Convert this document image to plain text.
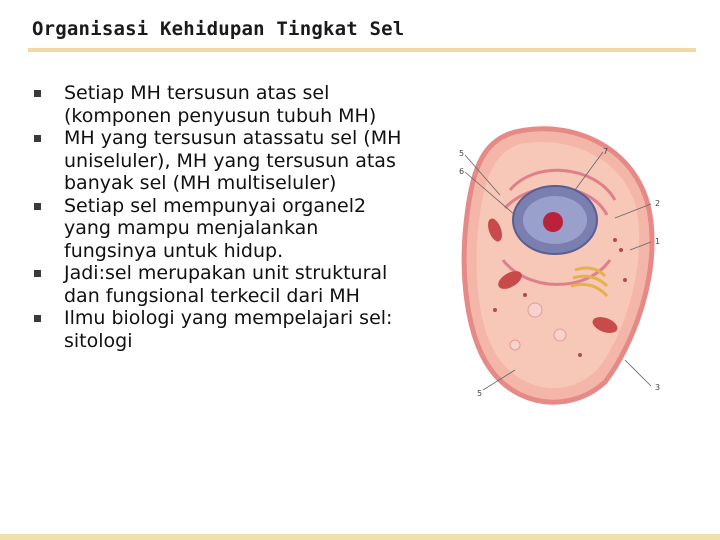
Organisasi Kehidupan Tingkat Sel
Setiap MH tersusun atas sel (komponen penyusun tubuh MH)
MH yang tersusun atassatu sel (MH uniseluler), MH yang tersusun atas banyak sel (MH multiseluler)
Setiap sel mempunyai organel2 yang mampu menjalankan fungsinya untuk hidup.
Jadi:sel merupakan unit struktural dan fungsional terkecil dari MH
Ilmu biologi yang mempelajari sel: sitologi
5	7
6
2
1
3
5
